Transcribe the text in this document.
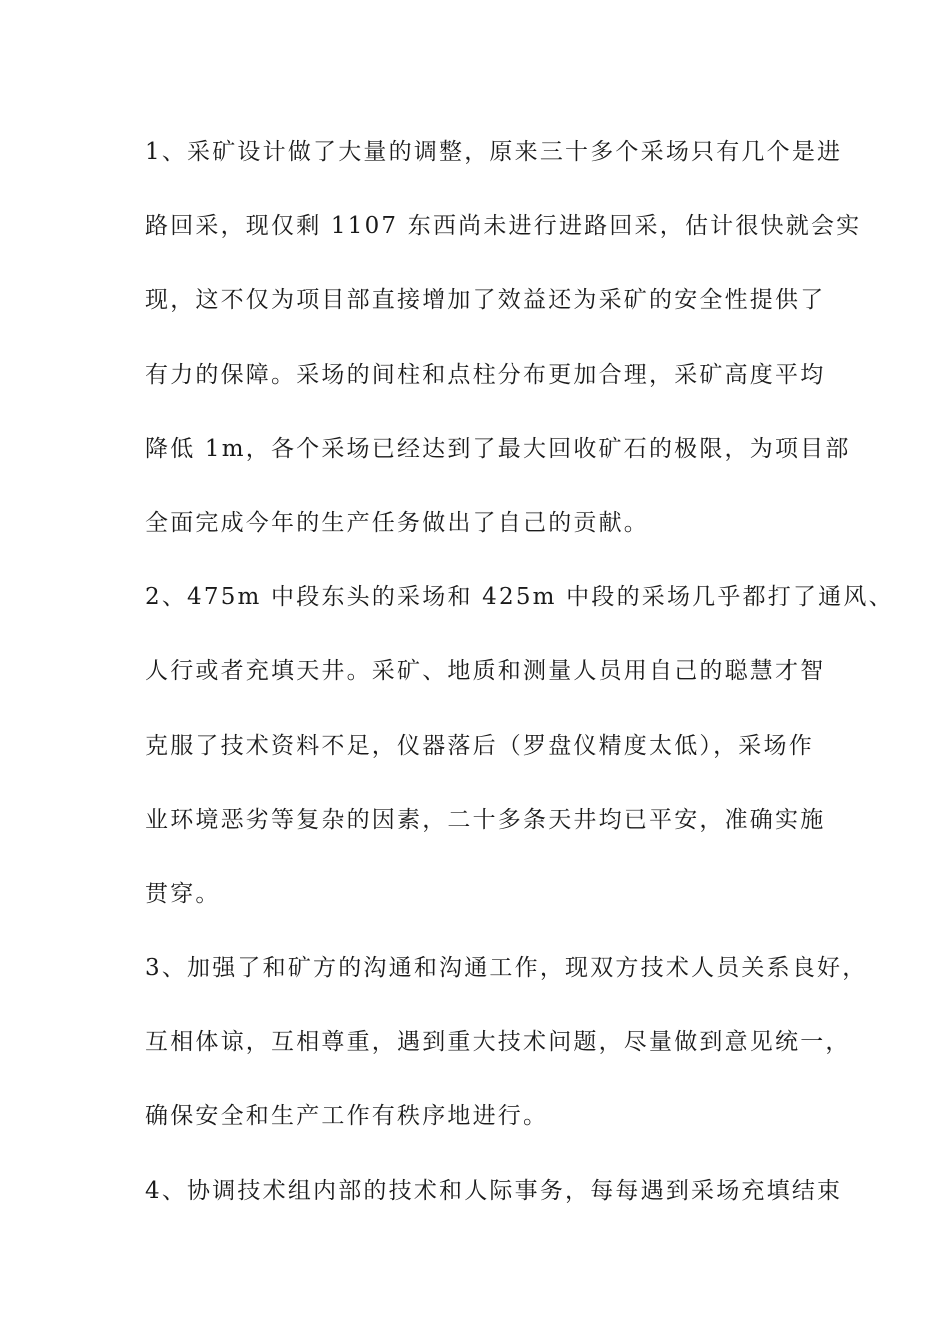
1、采矿设计做了大量的调整，原来三十多个采场只有几个是进
路回采，现仅剩 1107 东西尚未进行进路回采，估计很快就会实
现，这不仅为项目部直接增加了效益还为采矿的安全性提供了
有力的保障。采场的间柱和点柱分布更加合理，采矿高度平均
降低 1m，各个采场已经达到了最大回收矿石的极限，为项目部
全面完成今年的生产任务做出了自己的贡献。
2、475m 中段东头的采场和 425m 中段的采场几乎都打了通风、
人行或者充填天井。采矿、地质和测量人员用自己的聪慧才智
克服了技术资料不足，仪器落后（罗盘仪精度太低），采场作
业环境恶劣等复杂的因素，二十多条天井均已平安，准确实施
贯穿。
3、加强了和矿方的沟通和沟通工作，现双方技术人员关系良好，
互相体谅，互相尊重，遇到重大技术问题，尽量做到意见统一，
确保安全和生产工作有秩序地进行。
4、协调技术组内部的技术和人际事务，每每遇到采场充填结束
